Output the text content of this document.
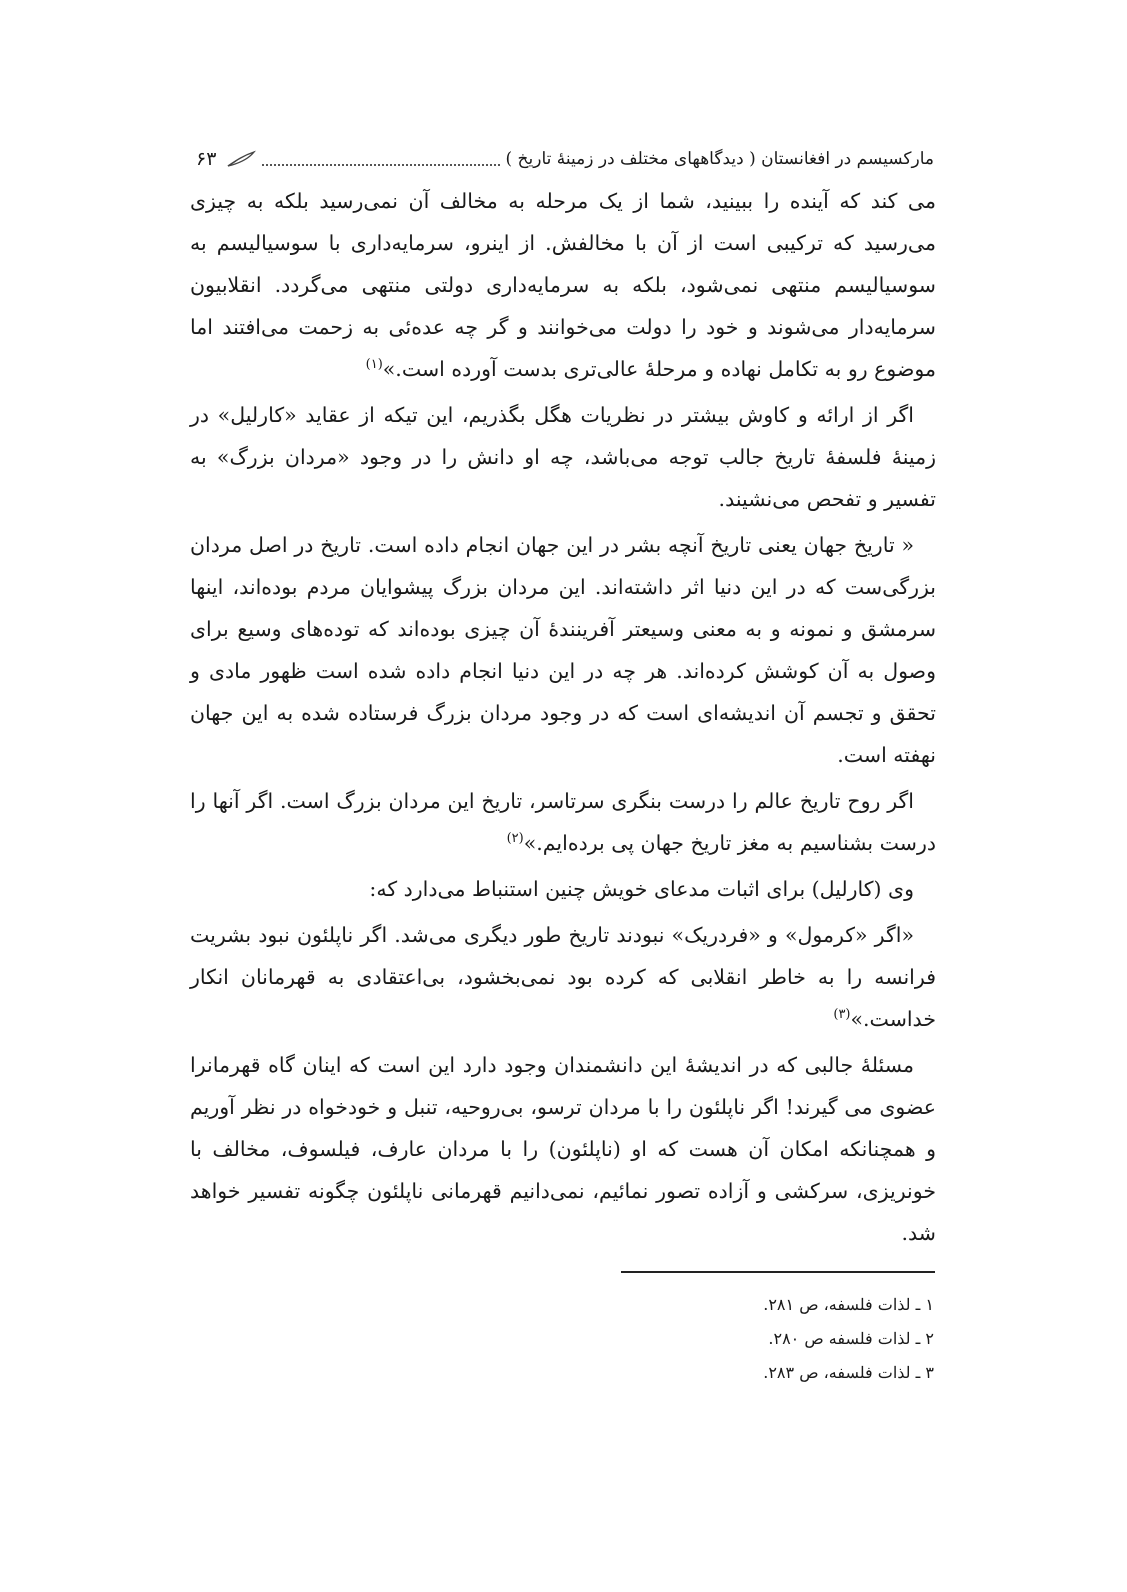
مارکسیسم در افغانستان ( دیدگاههای مختلف در زمینهٔ تاریخ )
۶۳

می کند که آینده را ببینید، شما از یک مرحله به مخالف آن نمی‌رسید بلکه به چیزی می‌رسید که ترکیبی است از آن با مخالفش. از اینرو، سرمایه‌داری با سوسیالیسم به سوسیالیسم منتهی نمی‌شود، بلکه به سرمایه‌داری دولتی منتهی می‌گردد. انقلابیون سرمایه‌دار می‌شوند و خود را دولت می‌خوانند و گر چه عده‌ئی به زحمت می‌افتند اما موضوع رو به تکامل نهاده و مرحلهٔ عالی‌تری بدست آورده است.»$^{(۱)}$

اگر از ارائه و کاوش بیشتر در نظریات هگل بگذریم، این تیکه از عقاید «کارلیل» در زمینهٔ فلسفهٔ تاریخ جالب توجه می‌باشد، چه او دانش را در وجود «مردان بزرگ» به تفسیر و تفحص می‌نشیند.

« تاریخ جهان یعنی تاریخ آنچه بشر در این جهان انجام داده است. تاریخ در اصل مردان بزرگی‌ست که در این دنیا اثر داشته‌اند. این مردان بزرگ پیشوایان مردم بوده‌اند، اینها سرمشق و نمونه و به معنی وسیعتر آفرینندهٔ آن چیزی بوده‌اند که توده‌های وسیع برای وصول به آن کوشش کرده‌اند. هر چه در این دنیا انجام داده شده است ظهور مادی و تحقق و تجسم آن اندیشه‌ای است که در وجود مردان بزرگ فرستاده شده به این جهان نهفته است.

اگر روح تاریخ عالم را درست بنگری سرتاسر، تاریخ این مردان بزرگ است. اگر آنها را درست بشناسیم به مغز تاریخ جهان پی برده‌ایم.»$^{(۲)}$

وی (کارلیل) برای اثبات مدعای خویش چنین استنباط می‌دارد که:

«اگر «کرمول» و «فردریک» نبودند تاریخ طور دیگری می‌شد. اگر ناپلئون نبود بشریت فرانسه را به خاطر انقلابی که کرده بود نمی‌بخشود، بی‌اعتقادی به قهرمانان انکار خداست.»$^{(۳)}$

مسئلهٔ جالبی که در اندیشهٔ این دانشمندان وجود دارد این است که اینان گاه قهرمانرا عضوی می گیرند! اگر ناپلئون را با مردان ترسو، بی‌روحیه، تنبل و خودخواه در نظر آوریم و همچنانکه امکان آن هست که او (ناپلئون) را با مردان عارف، فیلسوف، مخالف با خونریزی، سرکشی و آزاده تصور نمائیم، نمی‌دانیم قهرمانی ناپلئون چگونه تفسیر خواهد شد.

۱ ـ لذات فلسفه، ص ۲۸۱.
۲ ـ لذات فلسفه ص ۲۸۰.
۳ ـ لذات فلسفه، ص ۲۸۳.
